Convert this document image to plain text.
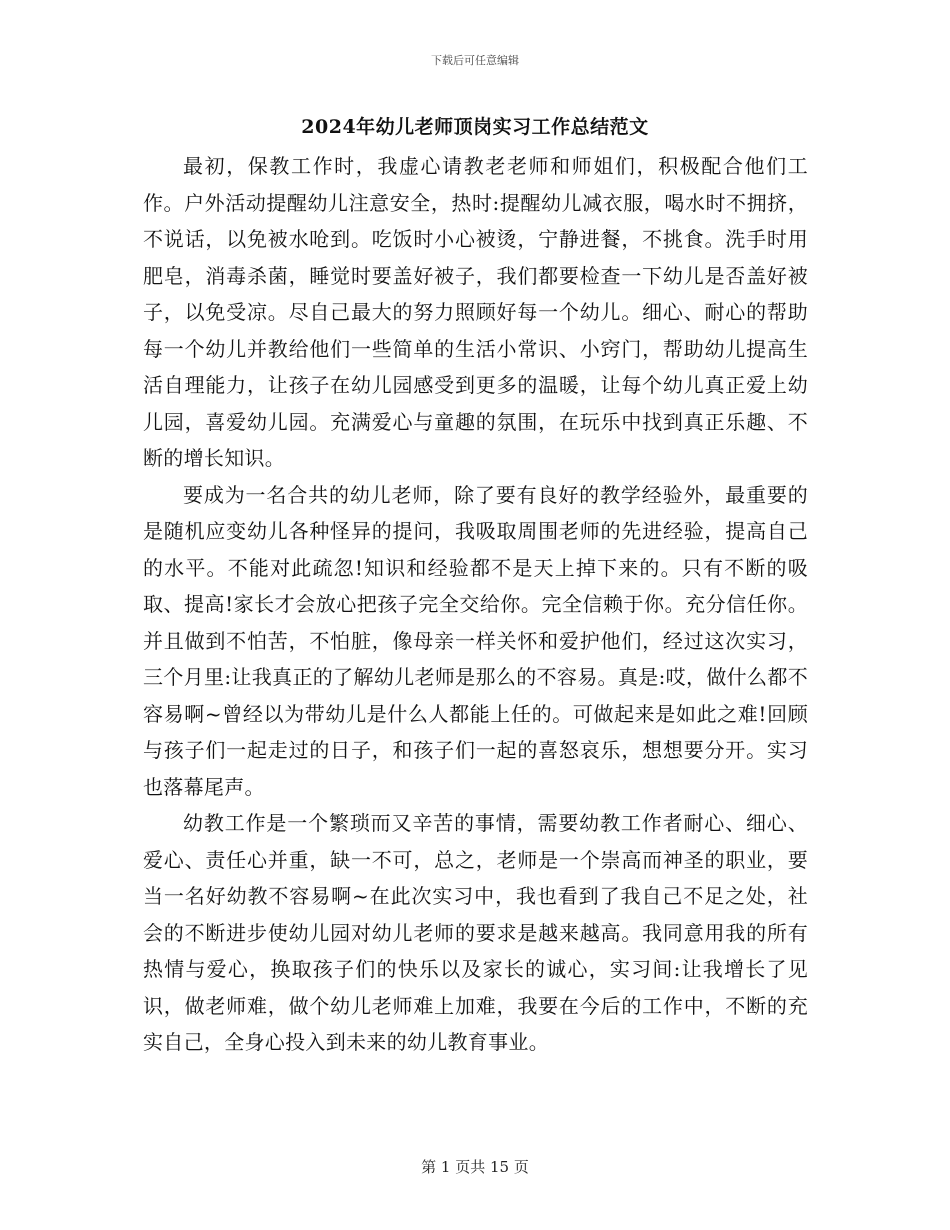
下载后可任意编辑
2024年幼儿老师顶岗实习工作总结范文

最初，保教工作时，我虚心请教老老师和师姐们，积极配合他们工作。户外活动提醒幼儿注意安全，热时:提醒幼儿减衣服，喝水时不拥挤，不说话，以免被水呛到。吃饭时小心被烫，宁静进餐，不挑食。洗手时用肥皂，消毒杀菌，睡觉时要盖好被子，我们都要检查一下幼儿是否盖好被子，以免受凉。尽自己最大的努力照顾好每一个幼儿。细心、耐心的帮助每一个幼儿并教给他们一些简单的生活小常识、小窍门，帮助幼儿提高生活自理能力，让孩子在幼儿园感受到更多的温暖，让每个幼儿真正爱上幼儿园，喜爱幼儿园。充满爱心与童趣的氛围，在玩乐中找到真正乐趣、不断的增长知识。

要成为一名合共的幼儿老师，除了要有良好的教学经验外，最重要的是随机应变幼儿各种怪异的提问，我吸取周围老师的先进经验，提高自己的水平。不能对此疏忽!知识和经验都不是天上掉下来的。只有不断的吸取、提高!家长才会放心把孩子完全交给你。完全信赖于你。充分信任你。并且做到不怕苦，不怕脏，像母亲一样关怀和爱护他们，经过这次实习，三个月里:让我真正的了解幼儿老师是那么的不容易。真是:哎，做什么都不容易啊~曾经以为带幼儿是什么人都能上任的。可做起来是如此之难!回顾与孩子们一起走过的日子，和孩子们一起的喜怒哀乐，想想要分开。实习也落幕尾声。

幼教工作是一个繁琐而又辛苦的事情，需要幼教工作者耐心、细心、爱心、责任心并重，缺一不可，总之，老师是一个崇高而神圣的职业，要当一名好幼教不容易啊~在此次实习中，我也看到了我自己不足之处，社会的不断进步使幼儿园对幼儿老师的要求是越来越高。我同意用我的所有热情与爱心，换取孩子们的快乐以及家长的诚心，实习间:让我增长了见识，做老师难，做个幼儿老师难上加难，我要在今后的工作中，不断的充实自己，全身心投入到未来的幼儿教育事业。

第 1 页共 15 页
